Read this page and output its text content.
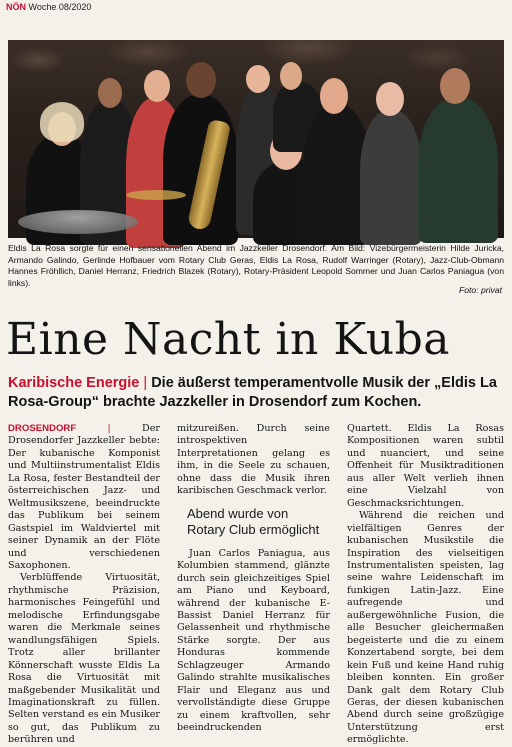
NÖN Woche 08/2020
Eldis La Rosa sorgte für einen sensationellen Abend im Jazzkeller Drosendorf. Am Bild: Vizebürgermeisterin Hilde Juricka, Armando Galindo, Gerlinde Hofbauer vom Rotary Club Geras, Eldis La Rosa, Rudolf Warringer (Rotary), Jazz-Club-Obmann Hannes Fröhllich, Daniel Herranz, Friedrich Blazek (Rotary), Rotary-Präsident Leopold Sommer und Juan Carlos Paniagua (von links).
Foto: privat
Eine Nacht in Kuba
Karibische Energie | Die äußerst temperamentvolle Musik der „Eldis La Rosa-Group“ brachte Jazzkeller in Drosendorf zum Kochen.

DROSENDORF	|	Der Drosendorfer Jazzkeller bebte: Der kubanische Komponist und Multiinstrumentalist Eldis La Rosa, fester Bestandteil der österreichischen Jazz- und Weltmusikszene, beeindruckte das Publikum bei seinem Gastspiel im Waldviertel mit seiner Dynamik an der Flöte und verschiedenen Saxophonen.

Verblüffende Virtuosität, rhythmische Präzision, harmonisches Feingefühl und melodische Erfindungsgabe waren die Merkmale seines wandlungsfähigen Spiels. Trotz aller brillanter Könnerschaft wusste Eldis La Rosa die Virtuosität mit maßgebender Musikalität und Imaginationskraft zu füllen. Selten verstand es ein Musiker so gut, das Publikum zu berühren und

mitzureißen. Durch seine introspektiven Interpretationen gelang es ihm, in die Seele zu schauen, ohne dass die Musik ihren karibischen Geschmack verlor.

Abend wurde von
Rotary Club ermöglicht

Juan Carlos Paniagua, aus Kolumbien stammend, glänzte durch sein gleichzeitiges Spiel am Piano und Keyboard, während der kubanische E-Bassist Daniel Herranz für Gelassenheit und rhythmische Stärke sorgte. Der aus Honduras kommende Schlagzeuger Armando Galindo strahlte musikalisches Flair und Eleganz aus und vervollständigte diese Gruppe zu einem kraftvollen, sehr beeindruckenden

Quartett. Eldis La Rosas Kompositionen waren subtil und nuanciert, und seine Offenheit für Musiktraditionen aus aller Welt verlieh ihnen eine Vielzahl von Geschmacksrichtungen.

Während die reichen und vielfältigen Genres der kubanischen Musikstile die Inspiration des vielseitigen Instrumentalisten speisten, lag seine wahre Leidenschaft im funkigen Latin-Jazz. Eine aufregende und außergewöhnliche Fusion, die alle Besucher gleichermaßen begeisterte und die zu einem Konzertabend sorgte, bei dem kein Fuß und keine Hand ruhig bleiben konnten. Ein großer Dank galt dem Rotary Club Geras, der diesen kubanischen Abend durch seine großzügige Unterstützung erst ermöglichte.
